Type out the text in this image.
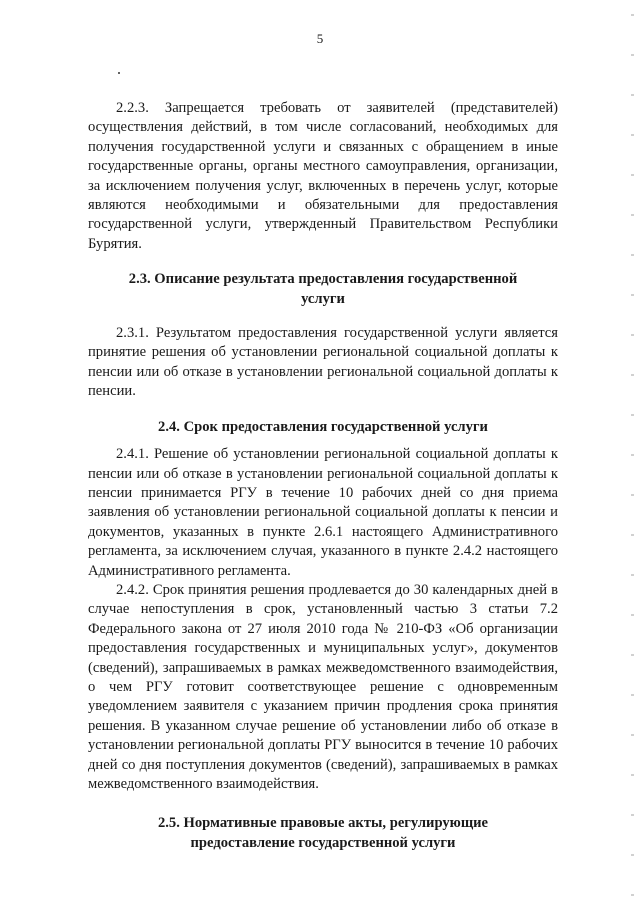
5

2.2.3. Запрещается требовать от заявителей (представителей) осуществления действий, в том числе согласований, необходимых для получения государственной услуги и связанных с обращением в иные государственные органы, органы местного самоуправления, организации, за исключением получения услуг, включенных в перечень услуг, которые являются необходимыми и обязательными для предоставления государственной услуги, утвержденный Правительством Республики Бурятия.

2.3. Описание результата предоставления государственной услуги

2.3.1. Результатом предоставления государственной услуги является принятие решения об установлении региональной социальной доплаты к пенсии или об отказе в установлении региональной социальной доплаты к пенсии.

2.4. Срок предоставления государственной услуги

2.4.1. Решение об установлении региональной социальной доплаты к пенсии или об отказе в установлении региональной социальной доплаты к пенсии принимается РГУ в течение 10 рабочих дней со дня приема заявления об установлении региональной социальной доплаты к пенсии и документов, указанных в пункте 2.6.1 настоящего Административного регламента, за исключением случая, указанного в пункте 2.4.2 настоящего Административного регламента.

2.4.2. Срок принятия решения продлевается до 30 календарных дней в случае непоступления в срок, установленный частью 3 статьи 7.2 Федерального закона от 27 июля 2010 года № 210-ФЗ «Об организации предоставления государственных и муниципальных услуг», документов (сведений), запрашиваемых в рамках межведомственного взаимодействия, о чем РГУ готовит соответствующее решение с одновременным уведомлением заявителя с указанием причин продления срока принятия решения. В указанном случае решение об установлении либо об отказе в установлении региональной доплаты РГУ выносится в течение 10 рабочих дней со дня поступления документов (сведений), запрашиваемых в рамках межведомственного взаимодействия.

2.5. Нормативные правовые акты, регулирующие предоставление государственной услуги
